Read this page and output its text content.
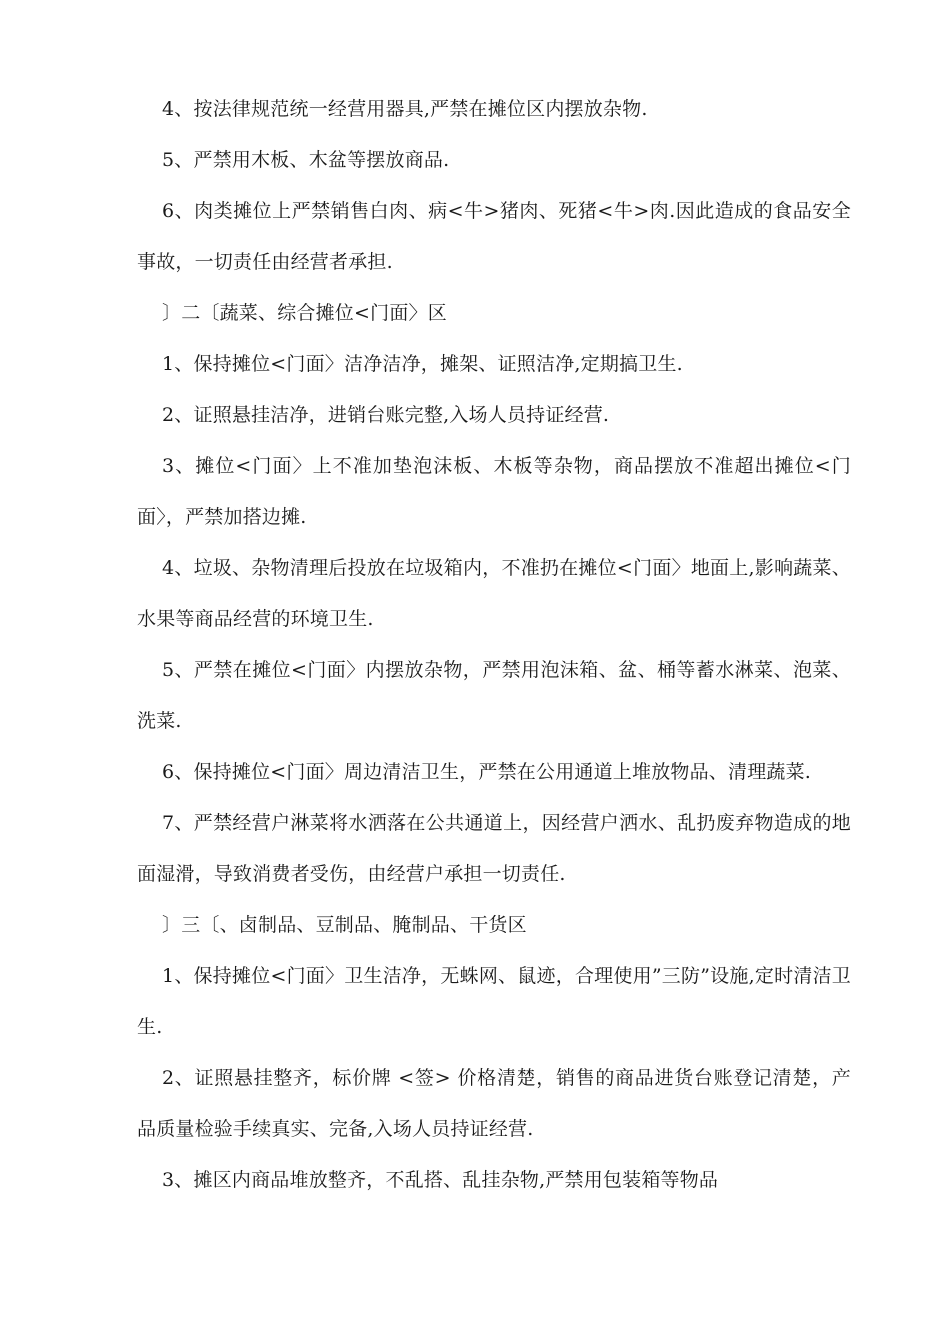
4、按法律规范统一经营用器具,严禁在摊位区内摆放杂物.

5、严禁用木板、木盆等摆放商品.

6、肉类摊位上严禁销售白肉、病<牛>猪肉、死猪<牛>肉.因此造成的食品安全事故，一切责任由经营者承担.

〕二〔蔬菜、综合摊位<门面〉区

1、保持摊位<门面〉洁净洁净，摊架、证照洁净,定期搞卫生.

2、证照悬挂洁净，进销台账完整,入场人员持证经营.

3、摊位<门面〉上不准加垫泡沫板、木板等杂物，商品摆放不准超出摊位<门面〉，严禁加搭边摊.

4、垃圾、杂物清理后投放在垃圾箱内，不准扔在摊位<门面〉地面上,影响蔬菜、水果等商品经营的环境卫生.

5、严禁在摊位<门面〉内摆放杂物，严禁用泡沫箱、盆、桶等蓄水淋菜、泡菜、洗菜.

6、保持摊位<门面〉周边清洁卫生，严禁在公用通道上堆放物品、清理蔬菜.

7、严禁经营户淋菜将水洒落在公共通道上，因经营户洒水、乱扔废弃物造成的地面湿滑，导致消费者受伤，由经营户承担一切责任.

〕三〔、卤制品、豆制品、腌制品、干货区

1、保持摊位<门面〉卫生洁净，无蛛网、鼠迹，合理使用”三防”设施,定时清洁卫生.

2、证照悬挂整齐，标价牌 <签> 价格清楚，销售的商品进货台账登记清楚，产品质量检验手续真实、完备,入场人员持证经营.

3、摊区内商品堆放整齐，不乱搭、乱挂杂物,严禁用包装箱等物品
